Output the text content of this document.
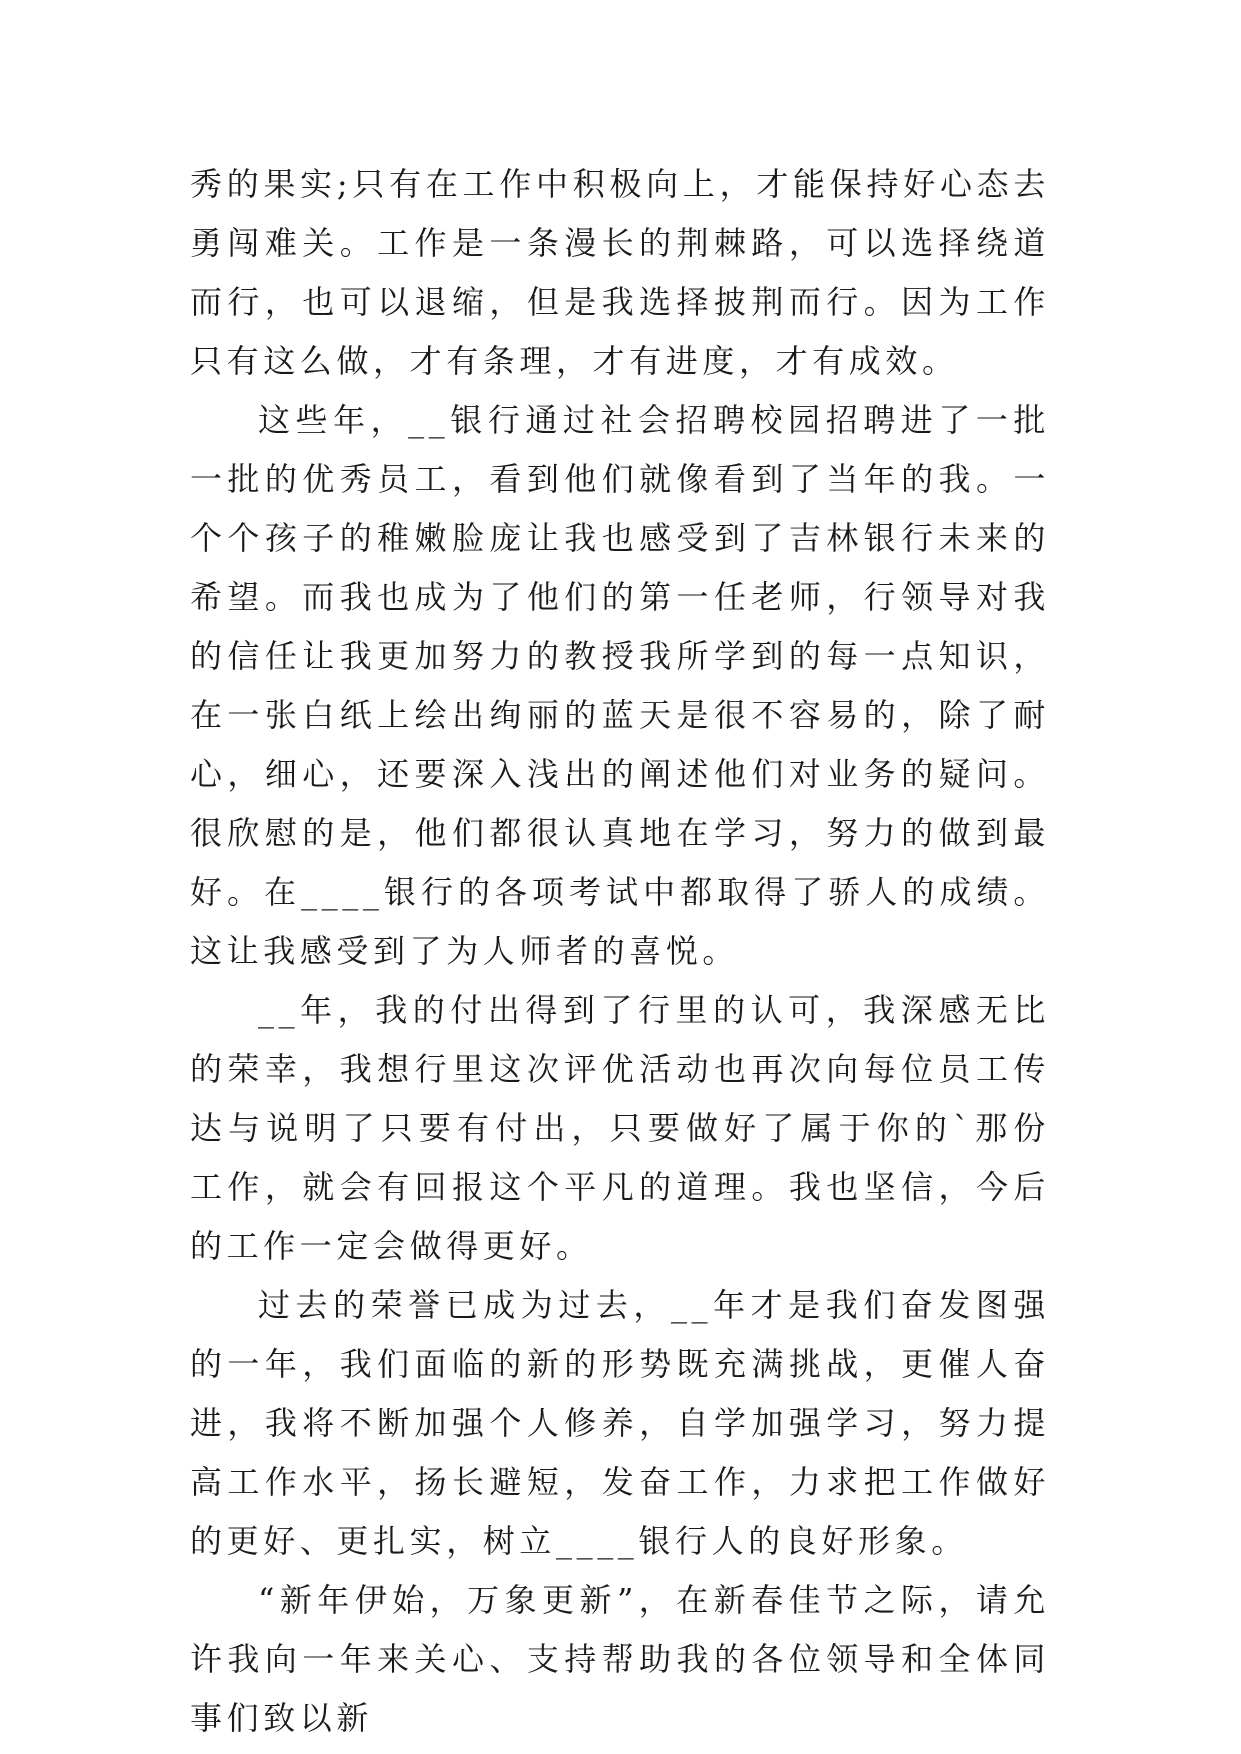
秀的果实;只有在工作中积极向上，才能保持好心态去勇闯难关。工作是一条漫长的荆棘路，可以选择绕道而行，也可以退缩，但是我选择披荆而行。因为工作只有这么做，才有条理，才有进度，才有成效。

这些年，__银行通过社会招聘校园招聘进了一批一批的优秀员工，看到他们就像看到了当年的我。一个个孩子的稚嫩脸庞让我也感受到了吉林银行未来的希望。而我也成为了他们的第一任老师，行领导对我的信任让我更加努力的教授我所学到的每一点知识，在一张白纸上绘出绚丽的蓝天是很不容易的，除了耐心，细心，还要深入浅出的阐述他们对业务的疑问。很欣慰的是，他们都很认真地在学习，努力的做到最好。在____银行的各项考试中都取得了骄人的成绩。这让我感受到了为人师者的喜悦。

__年，我的付出得到了行里的认可，我深感无比的荣幸，我想行里这次评优活动也再次向每位员工传达与说明了只要有付出，只要做好了属于你的`那份工作，就会有回报这个平凡的道理。我也坚信，今后的工作一定会做得更好。

过去的荣誉已成为过去，__年才是我们奋发图强的一年，我们面临的新的形势既充满挑战，更催人奋进，我将不断加强个人修养，自学加强学习，努力提高工作水平，扬长避短，发奋工作，力求把工作做好的更好、更扎实，树立____银行人的良好形象。

“新年伊始，万象更新”，在新春佳节之际，请允许我向一年来关心、支持帮助我的各位领导和全体同事们致以新
